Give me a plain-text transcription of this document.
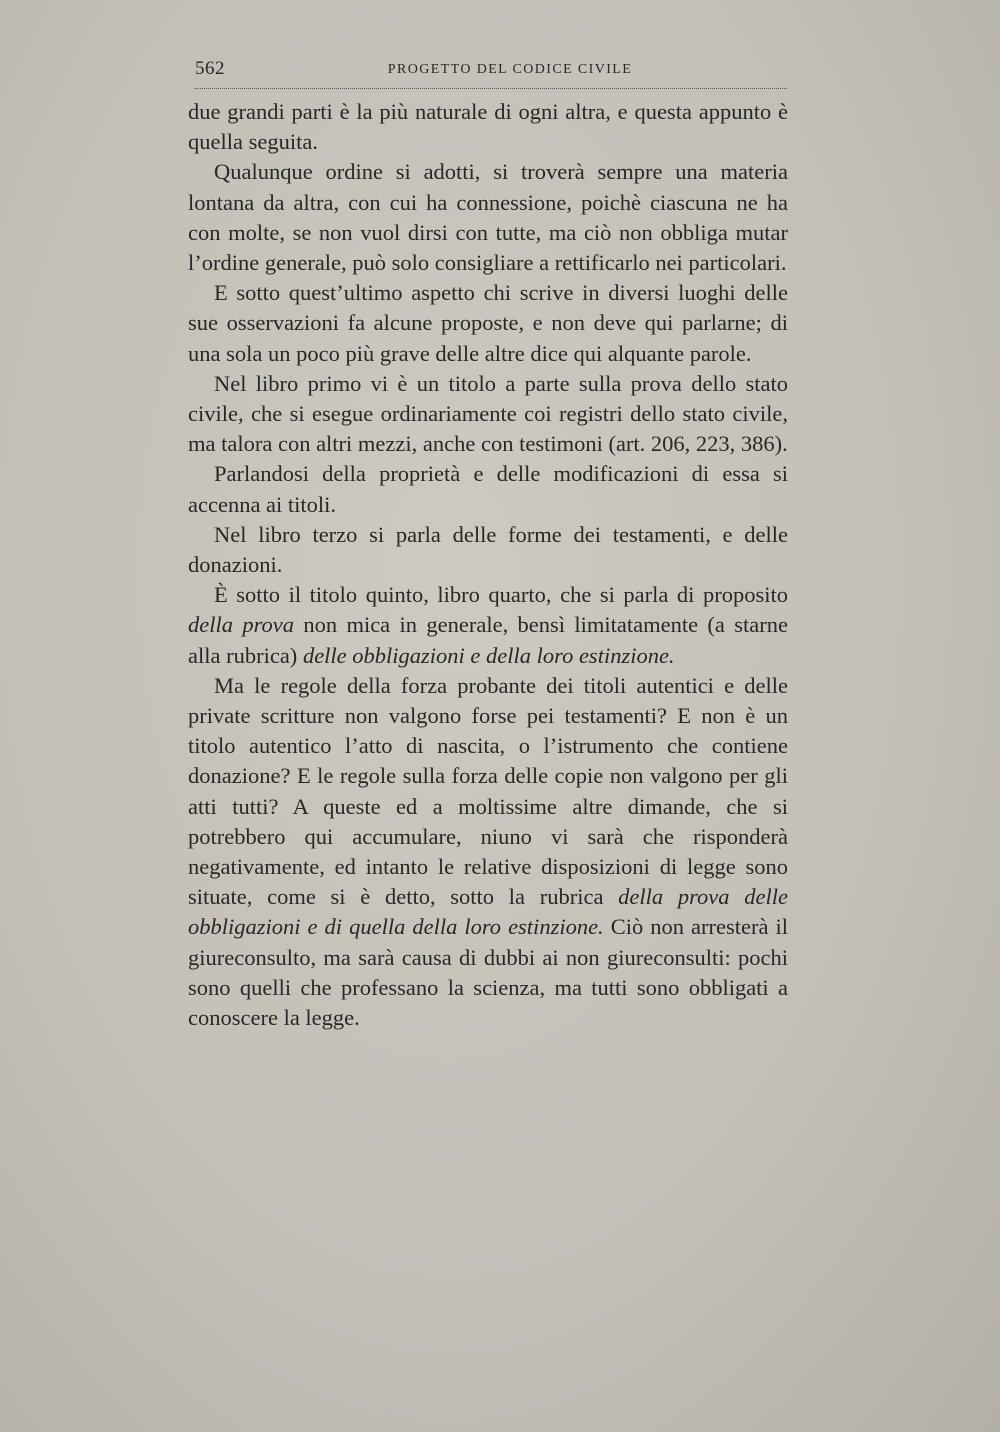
562	PROGETTO DEL CODICE CIVILE

due grandi parti è la più naturale di ogni altra, e questa appunto è quella seguita.

Qualunque ordine si adotti, si troverà sempre una materia lontana da altra, con cui ha connessione, poichè ciascuna ne ha con molte, se non vuol dirsi con tutte, ma ciò non obbliga mutar l’ordine generale, può solo consigliare a rettificarlo nei particolari.

E sotto quest’ultimo aspetto chi scrive in diversi luoghi delle sue osservazioni fa alcune proposte, e non deve qui parlarne; di una sola un poco più grave delle altre dice qui alquante parole.

Nel libro primo vi è un titolo a parte sulla prova dello stato civile, che si esegue ordinariamente coi registri dello stato civile, ma talora con altri mezzi, anche con testimoni (art. 206, 223, 386).

Parlandosi della proprietà e delle modificazioni di essa si accenna ai titoli.

Nel libro terzo si parla delle forme dei testamenti, e delle donazioni.

È sotto il titolo quinto, libro quarto, che si parla di proposito della prova non mica in generale, bensì limitatamente (a starne alla rubrica) delle obbligazioni e della loro estinzione.

Ma le regole della forza probante dei titoli autentici e delle private scritture non valgono forse pei testamenti? E non è un titolo autentico l’atto di nascita, o l’istrumento che contiene donazione? E le regole sulla forza delle copie non valgono per gli atti tutti? A queste ed a moltissime altre dimande, che si potrebbero qui accumulare, niuno vi sarà che risponderà negativamente, ed intanto le relative disposizioni di legge sono situate, come si è detto, sotto la rubrica della prova delle obbligazioni e di quella della loro estinzione. Ciò non arresterà il giureconsulto, ma sarà causa di dubbi ai non giureconsulti: pochi sono quelli che professano la scienza, ma tutti sono obbligati a conoscere la legge.
